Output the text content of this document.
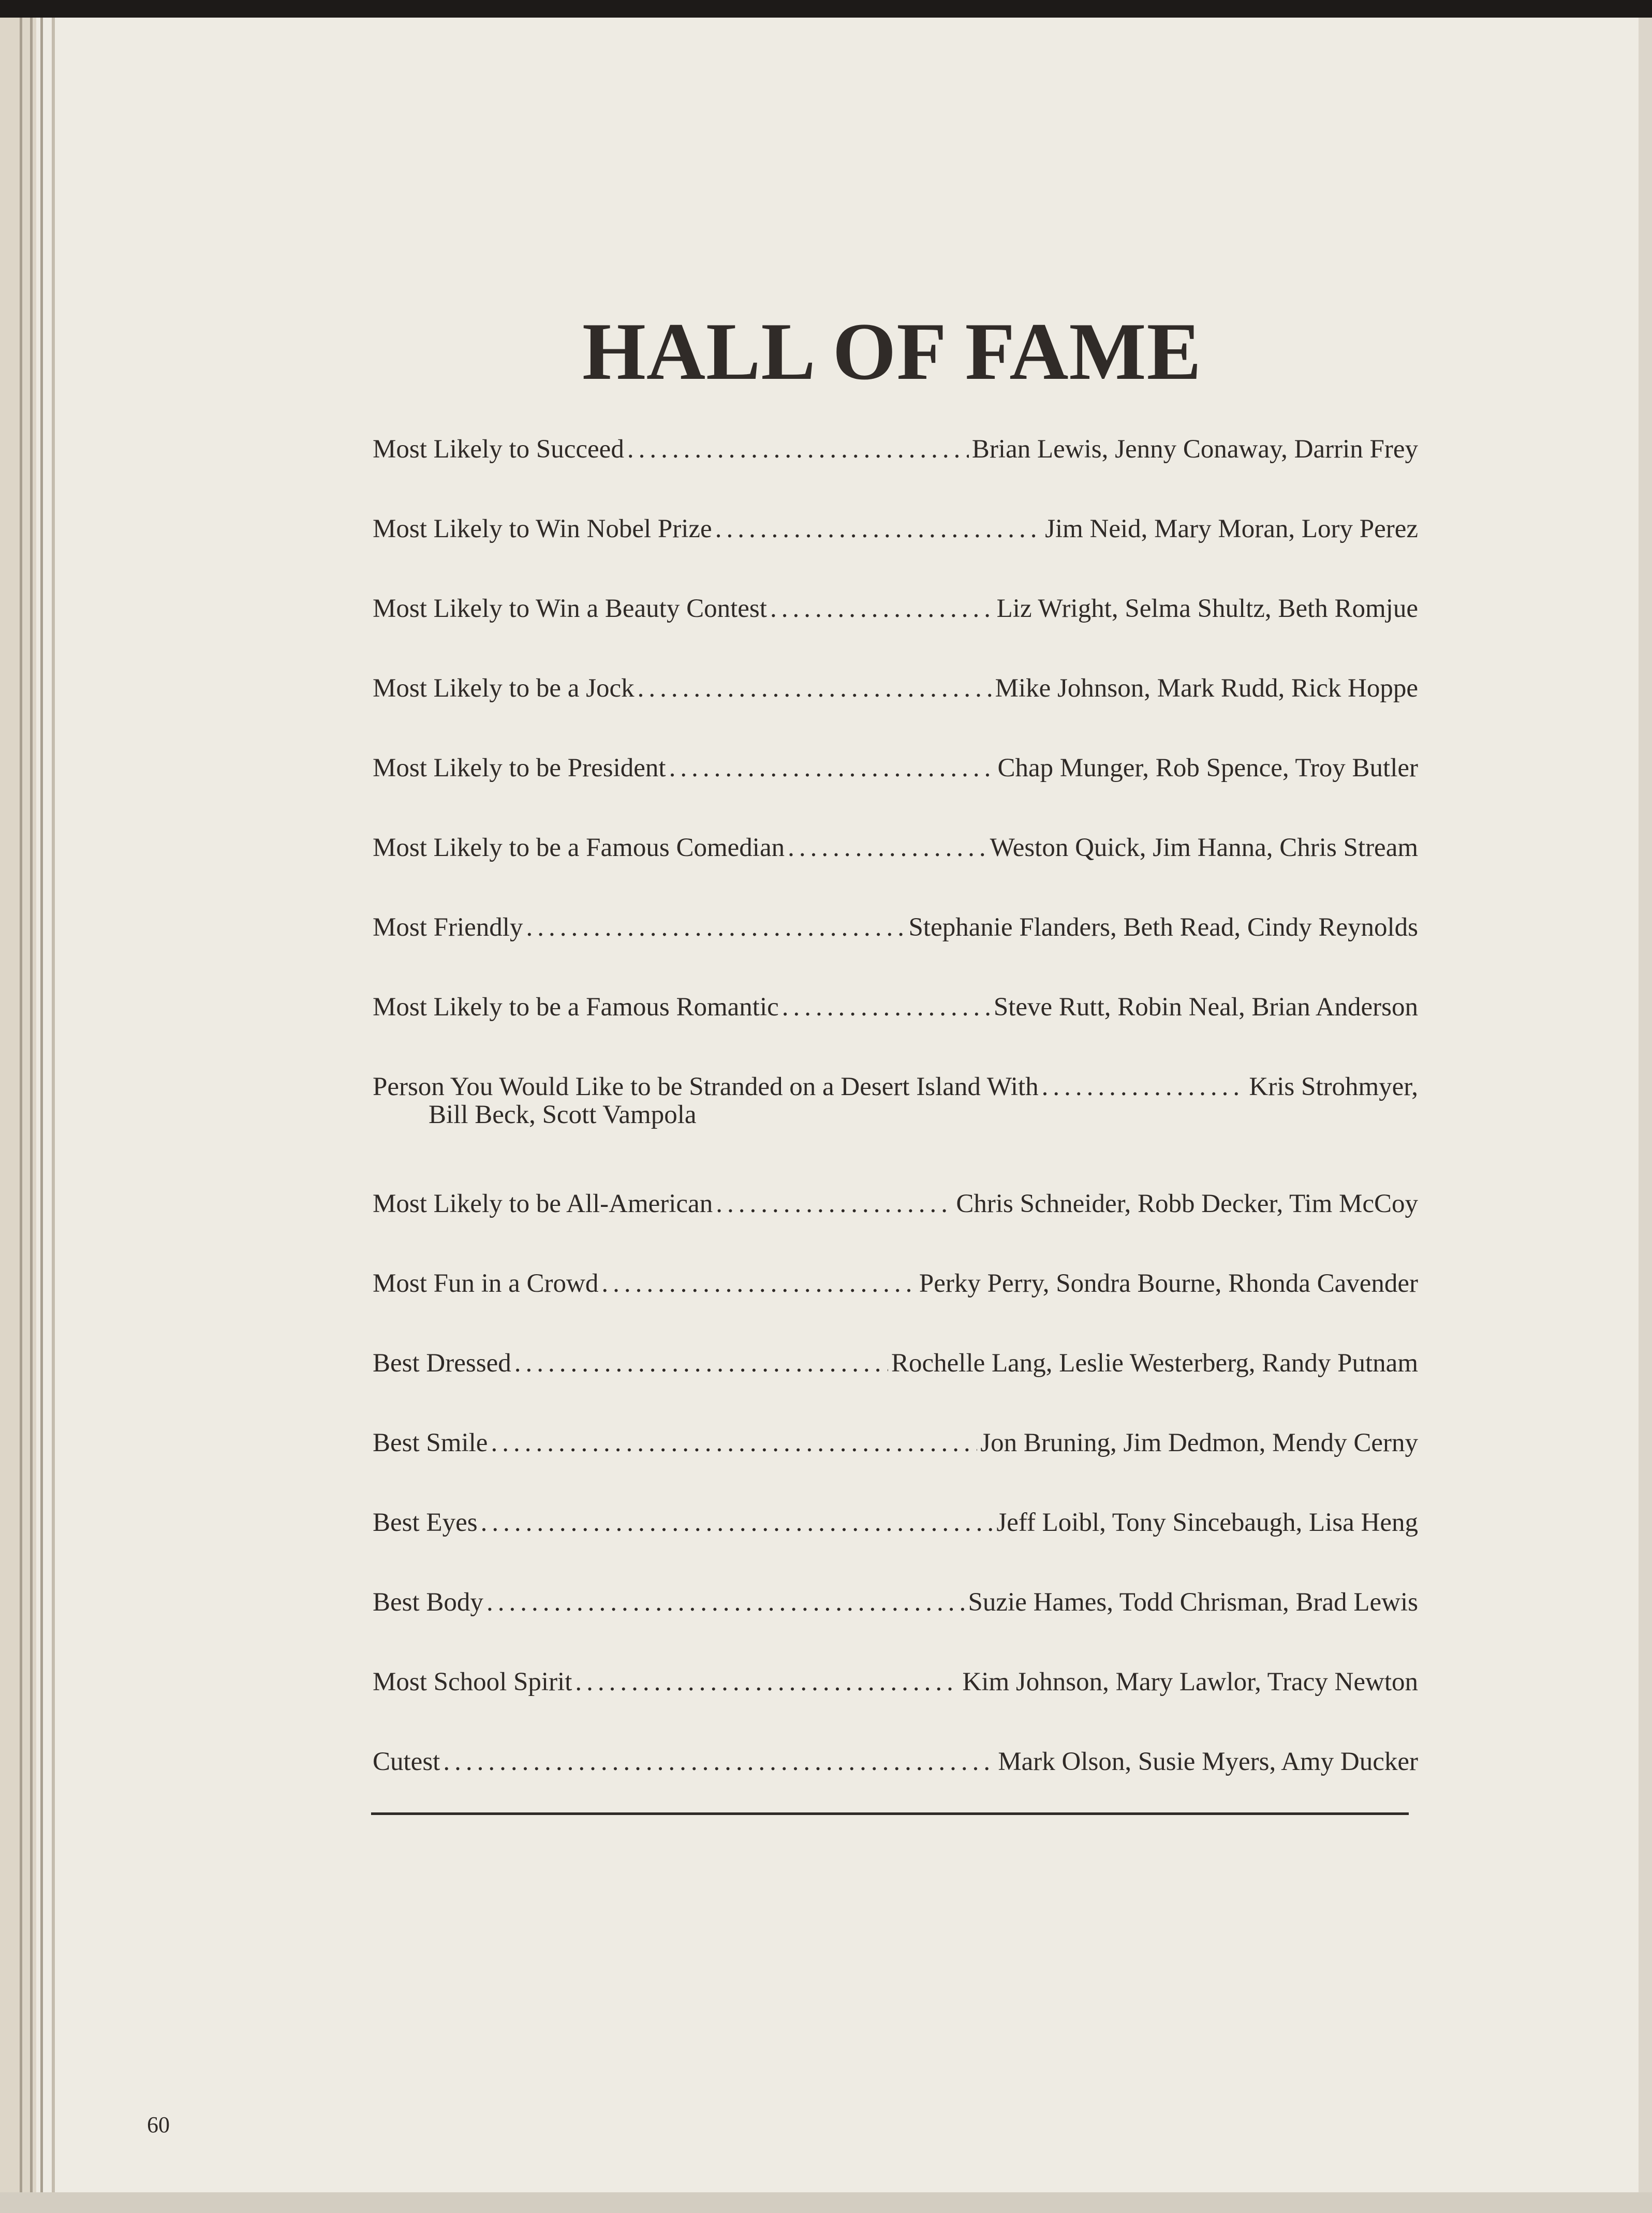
HALL OF FAME
Most Likely to Succeed .....	Brian Lewis, Jenny Conaway, Darrin Frey
Most Likely to Win Nobel Prize .....	Jim Neid, Mary Moran, Lory Perez
Most Likely to Win a Beauty Contest .....	Liz Wright, Selma Shultz, Beth Romjue
Most Likely to be a Jock .....	Mike Johnson, Mark Rudd, Rick Hoppe
Most Likely to be President .....	Chap Munger, Rob Spence, Troy Butler
Most Likely to be a Famous Comedian .....	Weston Quick, Jim Hanna, Chris Stream
Most Friendly .....	Stephanie Flanders, Beth Read, Cindy Reynolds
Most Likely to be a Famous Romantic .....	Steve Rutt, Robin Neal, Brian Anderson
Person You Would Like to be Stranded on a Desert Island With .....	Kris Strohmyer,
Bill Beck, Scott Vampola
Most Likely to be All-American .....	Chris Schneider, Robb Decker, Tim McCoy
Most Fun in a Crowd .....	Perky Perry, Sondra Bourne, Rhonda Cavender
Best Dressed .....	Rochelle Lang, Leslie Westerberg, Randy Putnam
Best Smile .....	Jon Bruning, Jim Dedmon, Mendy Cerny
Best Eyes .....	Jeff Loibl, Tony Sincebaugh, Lisa Heng
Best Body .....	Suzie Hames, Todd Chrisman, Brad Lewis
Most School Spirit .....	Kim Johnson, Mary Lawlor, Tracy Newton
Cutest .....	Mark Olson, Susie Myers, Amy Ducker
60
